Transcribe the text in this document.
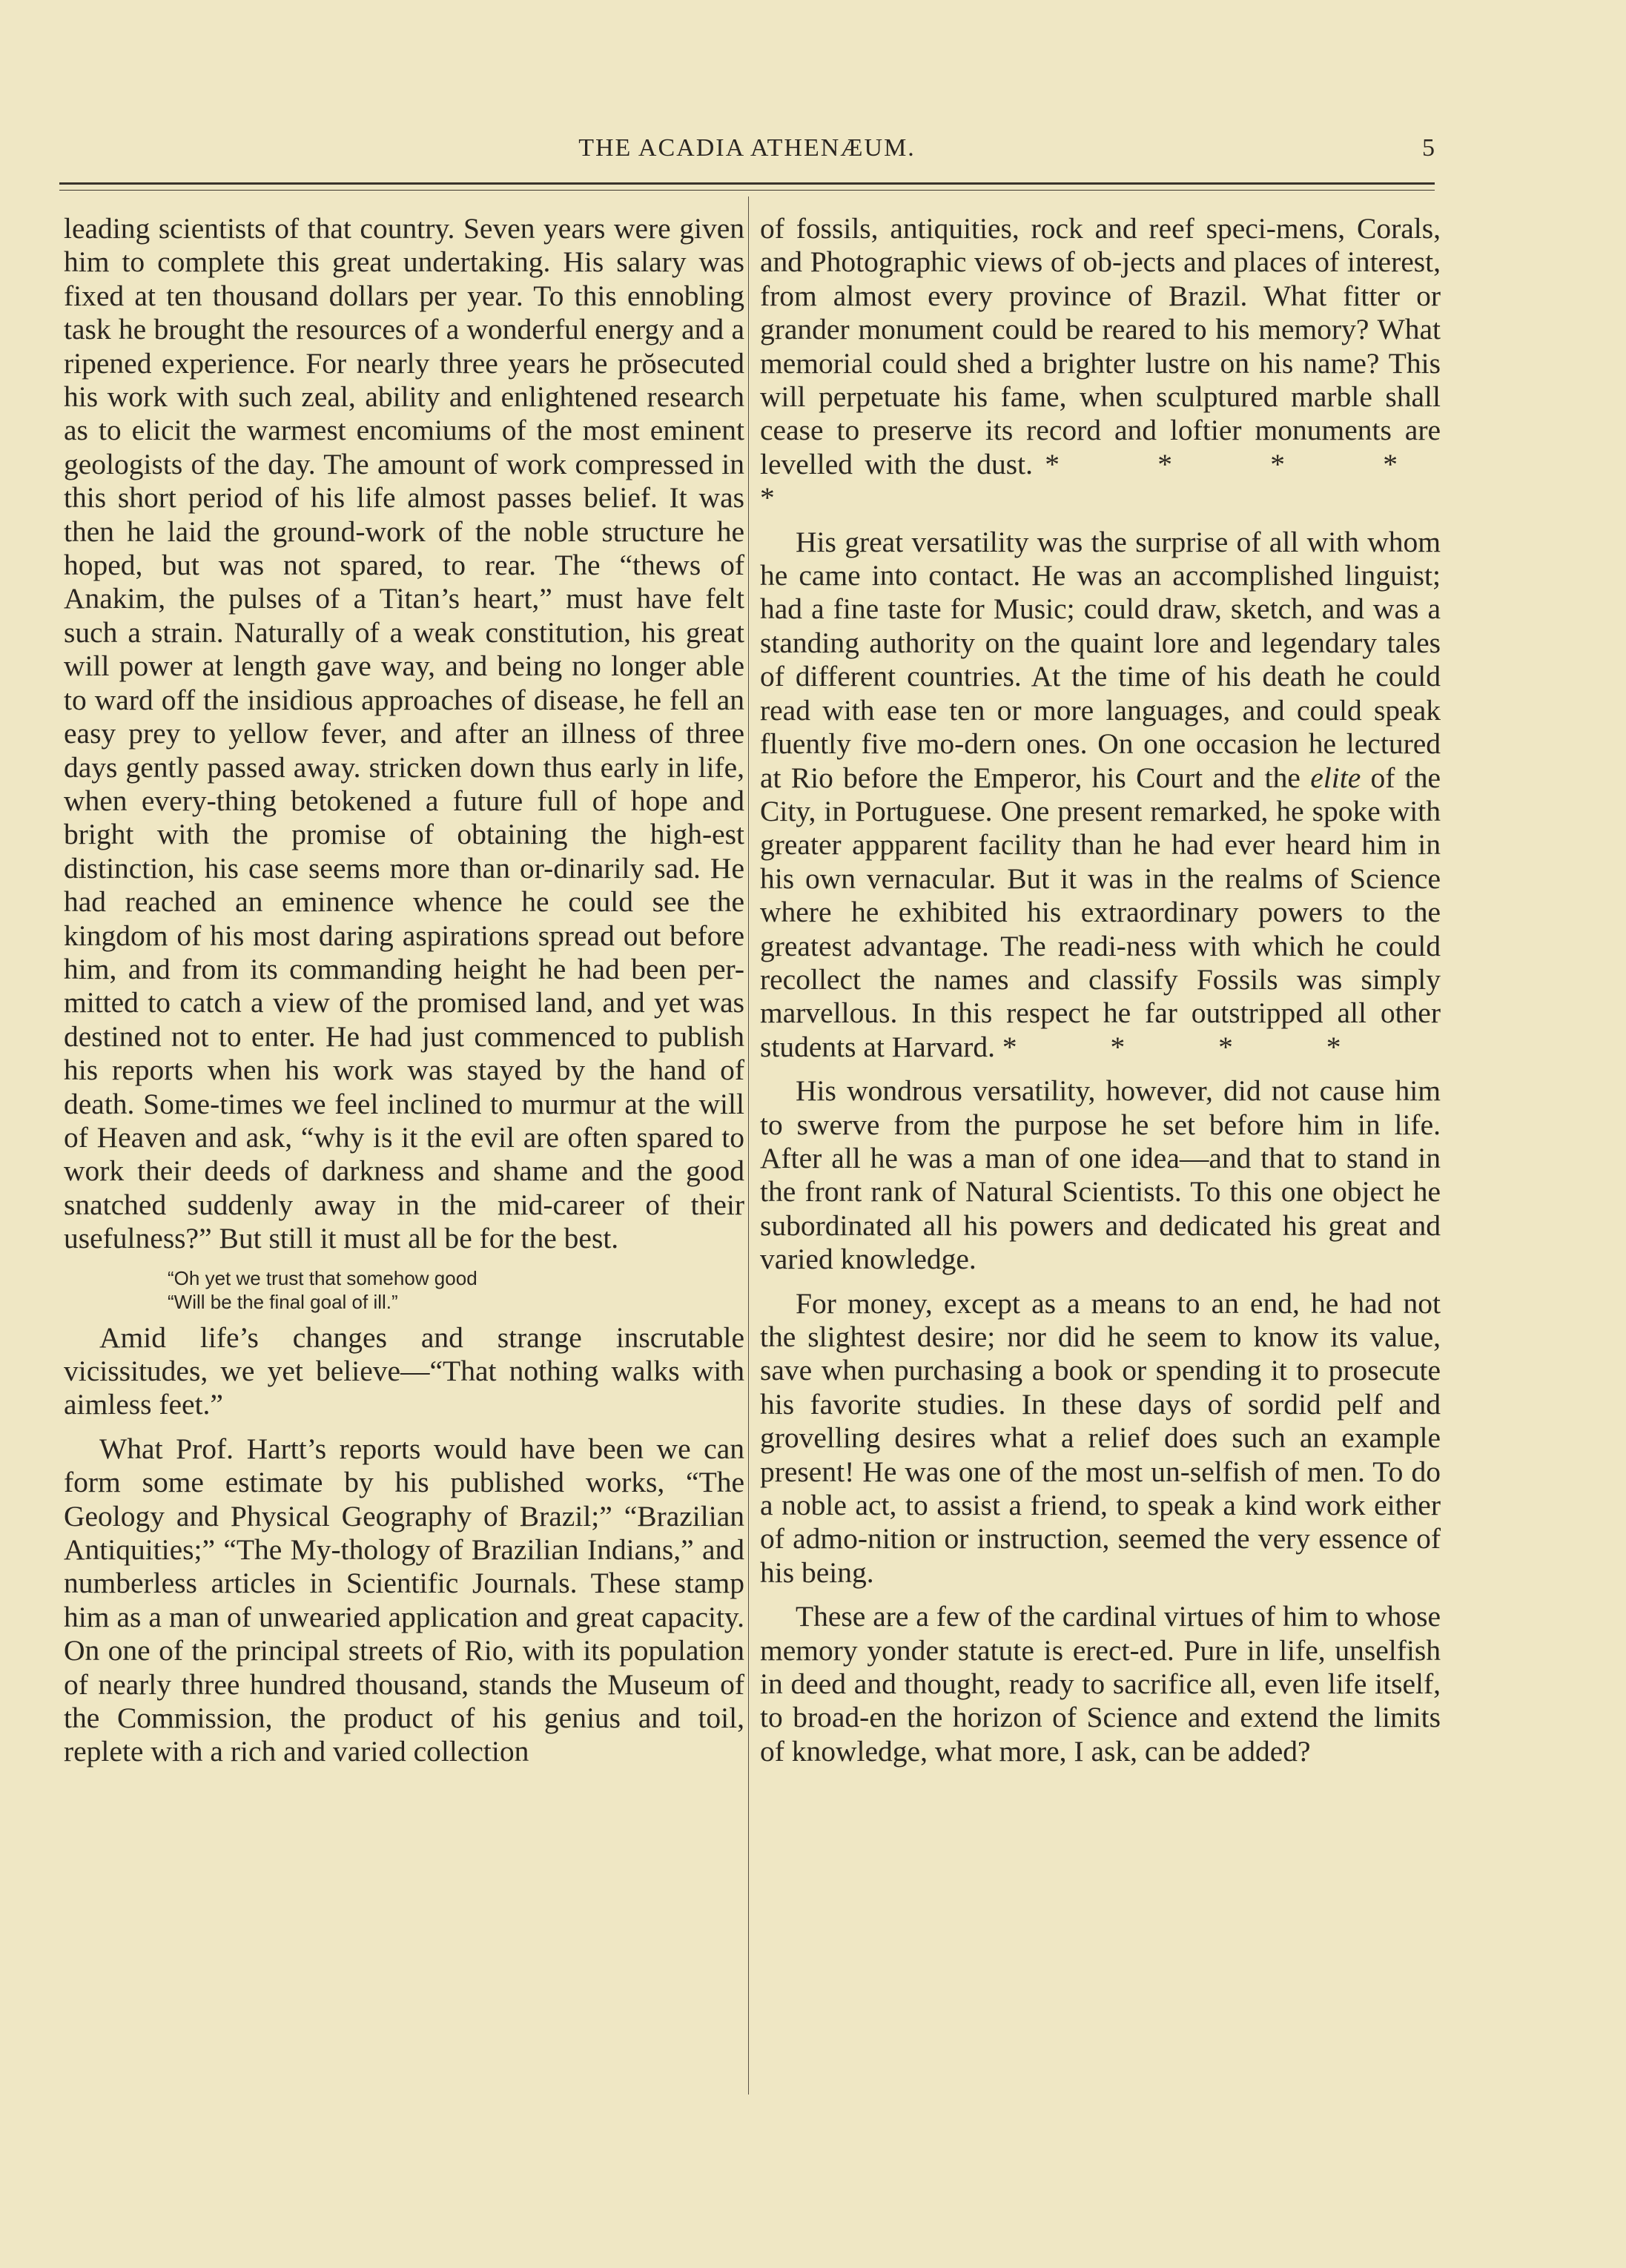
THE ACADIA ATHENÆUM.	5

leading scientists of that country. Seven years were given him to complete this great undertaking. His salary was fixed at ten thousand dollars per year. To this ennobling task he brought the resources of a wonderful energy and a ripened experience. For nearly three years he prŏsecuted his work with such zeal, ability and enlightened research as to elicit the warmest encomiums of the most eminent geologists of the day. The amount of work compressed in this short period of his life almost passes belief. It was then he laid the ground-work of the noble structure he hoped, but was not spared, to rear. The “thews of Anakim, the pulses of a Titan’s heart,” must have felt such a strain. Naturally of a weak constitution, his great will power at length gave way, and being no longer able to ward off the insidious approaches of disease, he fell an easy prey to yellow fever, and after an illness of three days gently passed away. stricken down thus early in life, when every-thing betokened a future full of hope and bright with the promise of obtaining the high-est distinction, his case seems more than or-dinarily sad. He had reached an eminence whence he could see the kingdom of his most daring aspirations spread out before him, and from its commanding height he had been per-mitted to catch a view of the promised land, and yet was destined not to enter. He had just commenced to publish his reports when his work was stayed by the hand of death. Some-times we feel inclined to murmur at the will of Heaven and ask, “why is it the evil are often spared to work their deeds of darkness and shame and the good snatched suddenly away in the mid-career of their usefulness?” But still it must all be for the best.

“Oh yet we trust that somehow good
“Will be the final goal of ill.”

Amid life’s changes and strange inscrutable vicissitudes, we yet believe—“That nothing walks with aimless feet.”

What Prof. Hartt’s reports would have been we can form some estimate by his published works, “The Geology and Physical Geography of Brazil;” “Brazilian Antiquities;” “The My-thology of Brazilian Indians,” and numberless articles in Scientific Journals. These stamp him as a man of unwearied application and great capacity. On one of the principal streets of Rio, with its population of nearly three hundred thousand, stands the Museum of the Commission, the product of his genius and toil, replete with a rich and varied collection

of fossils, antiquities, rock and reef speci-mens, Corals, and Photographic views of ob-jects and places of interest, from almost every province of Brazil. What fitter or grander monument could be reared to his memory? What memorial could shed a brighter lustre on his name? This will perpetuate his fame, when sculptured marble shall cease to preserve its record and loftier monuments are levelled with the dust. * * * * *

His great versatility was the surprise of all with whom he came into contact. He was an accomplished linguist; had a fine taste for Music; could draw, sketch, and was a standing authority on the quaint lore and legendary tales of different countries. At the time of his death he could read with ease ten or more languages, and could speak fluently five mo-dern ones. On one occasion he lectured at Rio before the Emperor, his Court and the elite of the City, in Portuguese. One present remarked, he spoke with greater appparent facility than he had ever heard him in his own vernacular. But it was in the realms of Science where he exhibited his extraordinary powers to the greatest advantage. The readi-ness with which he could recollect the names and classify Fossils was simply marvellous. In this respect he far outstripped all other students at Harvard. * * * *

His wondrous versatility, however, did not cause him to swerve from the purpose he set before him in life. After all he was a man of one idea—and that to stand in the front rank of Natural Scientists. To this one object he subordinated all his powers and dedicated his great and varied knowledge.

For money, except as a means to an end, he had not the slightest desire; nor did he seem to know its value, save when purchasing a book or spending it to prosecute his favorite studies. In these days of sordid pelf and grovelling desires what a relief does such an example present! He was one of the most un-selfish of men. To do a noble act, to assist a friend, to speak a kind work either of admo-nition or instruction, seemed the very essence of his being.

These are a few of the cardinal virtues of him to whose memory yonder statute is erect-ed. Pure in life, unselfish in deed and thought, ready to sacrifice all, even life itself, to broad-en the horizon of Science and extend the limits of knowledge, what more, I ask, can be added?
